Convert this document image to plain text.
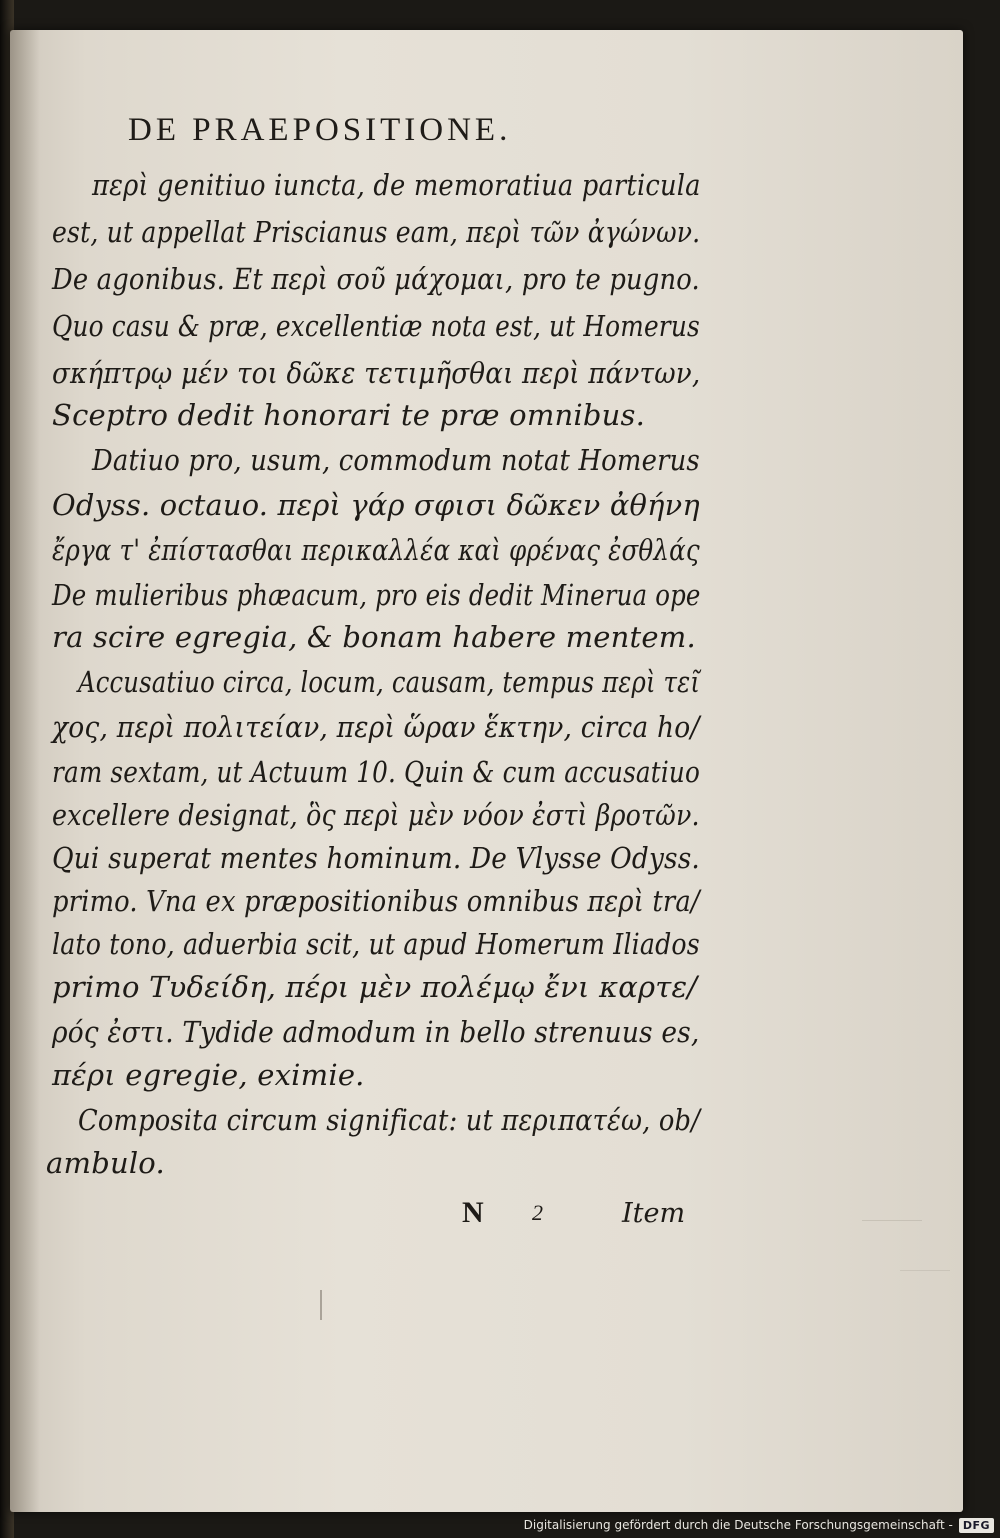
DE PRAEPOSITIONE.
περὶ genitiuo iuncta, de memoratiua particula
est, ut appellat Priscianus eam, περὶ τῶν ἀγώνων.
De agonibus. Et περὶ σοῦ μάχομαι, pro te pugno.
Quo casu & præ, excellentiæ nota est, ut Homerus
σκήπτρῳ μέν τοι δῶκε τετιμῆσθαι περὶ πάντων,
Sceptro dedit honorari te præ omnibus.
Datiuo pro, usum, commodum notat Homerus
Odyss. octauo. περὶ γάρ σφισι δῶκεν ἀθήνη
ἔργα τ' ἐπίστασθαι περικαλλέα καὶ φρένας ἐσθλάς
De mulieribus phæacum, pro eis dedit Minerua ope
ra scire egregia, & bonam habere mentem.
Accusatiuo circa, locum, causam, tempus περὶ τεῖ
χος, περὶ πολιτείαν, περὶ ὥραν ἕκτην, circa ho/
ram sextam, ut Actuum 10. Quin & cum accusatiuo
excellere designat, ὃς περὶ μὲν νόον ἐστὶ βροτῶν.
Qui superat mentes hominum. De Vlysse Odyss.
primo. Vna ex præpositionibus omnibus περὶ tra/
lato tono, aduerbia scit, ut apud Homerum Iliados
primo Τυδείδη, πέρι μὲν πολέμῳ ἔνι καρτε/
ρός ἐστι. Tydide admodum in bello strenuus es,
πέρι egregie, eximie.
Composita circum significat: ut περιπατέω, ob/
ambulo.
N 2	Item
Digitalisierung gefördert durch die Deutsche Forschungsgemeinschaft - DFG
